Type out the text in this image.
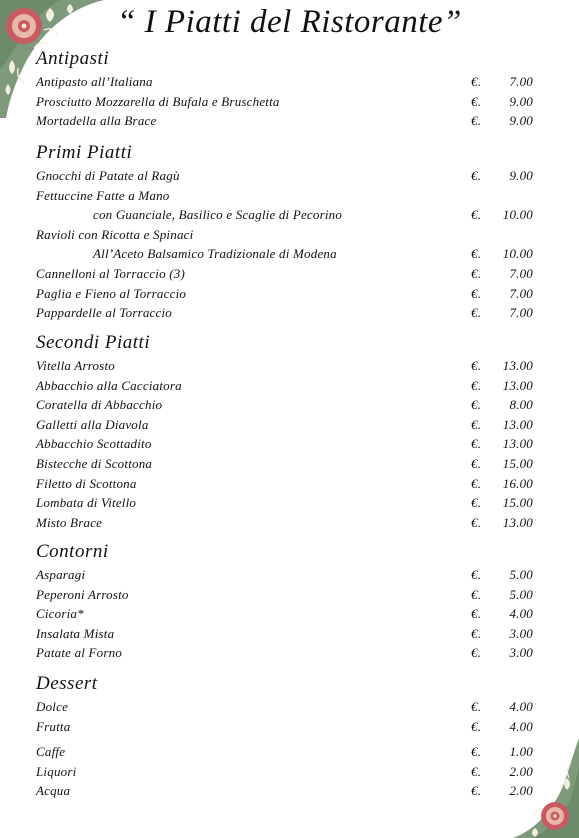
“ I Piatti del Ristorante”
Antipasti
Antipasto all’Italiana	€. 7.00
Prosciutto Mozzarella di Bufala e Bruschetta	€. 9.00
Mortadella alla Brace	€. 9.00
Primi Piatti
Gnocchi di Patate al Ragù	€. 9.00
Fettuccine Fatte a Mano
con Guanciale, Basilico e Scaglie di Pecorino	€. 10.00
Ravioli con Ricotta e Spinaci
All’Aceto Balsamico Tradizionale di Modena	€. 10.00
Cannelloni al Torraccio (3)	€. 7.00
Paglia e Fieno al Torraccio	€. 7.00
Pappardelle al Torraccio	€. 7.00
Secondi Piatti
Vitella Arrosto	€. 13.00
Abbacchio alla Cacciatora	€. 13.00
Coratella di Abbacchio	€. 8.00
Galletti alla Diavola	€. 13.00
Abbacchio Scottadito	€. 13.00
Bistecche di Scottona	€. 15.00
Filetto di Scottona	€. 16.00
Lombata di Vitello	€. 15.00
Misto Brace	€. 13.00
Contorni
Asparagi	€. 5.00
Peperoni Arrosto	€. 5.00
Cicoria*	€. 4.00
Insalata Mista	€. 3.00
Patate al Forno	€. 3.00
Dessert
Dolce	€. 4.00
Frutta	€. 4.00
Caffe	€. 1.00
Liquori	€. 2.00
Acqua	€. 2.00
